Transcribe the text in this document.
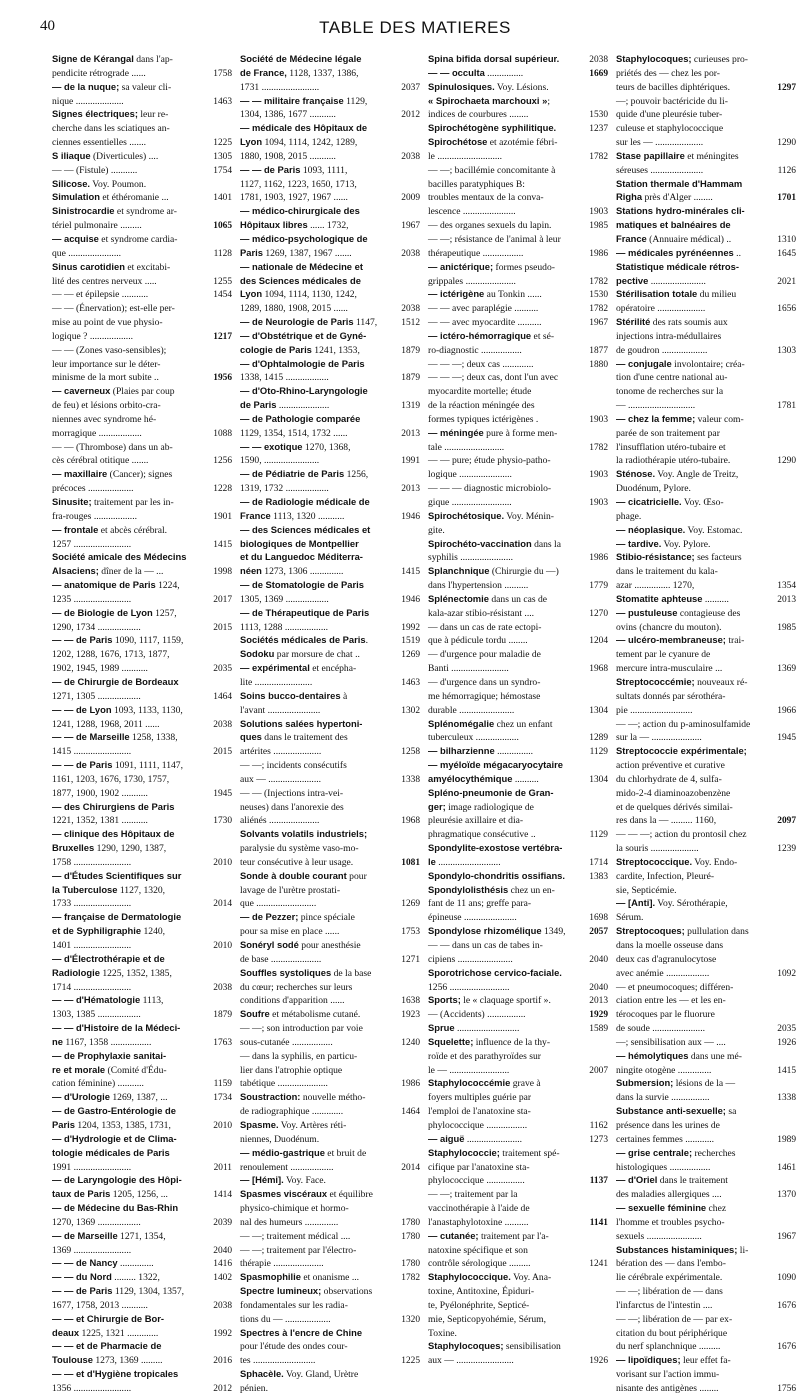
40	TABLE DES MATIERES
Signe de Kérangal dans l'ap-
pendicite rétrograde ......	1758
— de la nuque; sa valeur cli-
nique ....................	1463
Signes électriques; leur re-
cherche dans les sciatiques an-
ciennes essentielles .......	1225
S iliaque (Diverticules) ....	1305
— — (Fistule) ...........	1754
Silicose. Voy. Poumon.
Simulation et éthéromanie ...	1401
Sinistrocardie et syndrome ar-
tériel pulmonaire .........	1065
— acquise et syndrome cardia-
que ......................	1128
Sinus carotidien et excitabi-
lité des centres nerveux .....	1255
— — et épilepsie ...........	1454
— — (Énervation); est-elle per-
mise au point de vue physio-
logique ? ..................	1217
— — (Zones vaso-sensibles);
leur importance sur le déter-
minisme de la mort subite ..	1956
— caverneux (Plaies par coup
de feu) et lésions orbito-cra-
niennes avec syndrome hé-
morragique ..................	1088
— — (Thrombose) dans un ab-
cès cérébral otitique .......	1256
— maxillaire (Cancer); signes
précoces ...................	1228
Sinusite; traitement par les in-
fra-rouges ..................	1901
— frontale et abcès cérébral.
1257 ........................	1415
Société amicale des Médecins
Alsaciens; dîner de la — ...	1998
— anatomique de Paris 1224,
1235 ........................	2017
— de Biologie de Lyon 1257,
1290, 1734 ..................	2015
— — de Paris 1090, 1117, 1159,
1202, 1288, 1676, 1713, 1877,
1902, 1945, 1989 ...........	2035
— de Chirurgie de Bordeaux
1271, 1305 ..................	1464
— — de Lyon 1093, 1133, 1130,
1241, 1288, 1968, 2011 ......	2038
— — de Marseille 1258, 1338,
1415 ........................	2015
— — de Paris 1091, 1111, 1147,
1161, 1203, 1676, 1730, 1757,
1877, 1900, 1902 ...........	1945
— des Chirurgiens de Paris
1221, 1352, 1381 ...........	1730
— clinique des Hôpitaux de
Bruxelles 1290, 1290, 1387,
1758 ........................	2010
— d'Études Scientifiques sur
la Tuberculose 1127, 1320,
1733 ........................	2014
— française de Dermatologie
et de Syphiligraphie 1240,
1401 ........................	2010
— d'Électrothérapie et de
Radiologie 1225, 1352, 1385,
1714 ........................	2038
— — d'Hématologie 1113,
1303, 1385 ..................	1879
— — d'Histoire de la Médeci-
ne 1167, 1358 .................	1763
— de Prophylaxie sanitai-
re et morale (Comité d'Édu-
cation féminine) ...........	1159
— d'Urologie 1269, 1387, ...	1734
— de Gastro-Entérologie de
Paris 1204, 1353, 1385, 1731,	2010
— d'Hydrologie et de Clima-
tologie médicales de Paris
1991 ........................	2011
— de Laryngologie des Hôpi-
taux de Paris 1205, 1256, ...	1414
— de Médecine du Bas-Rhin
1270, 1369 ..................	2039
— de Marseille 1271, 1354,
1369 ........................	2040
— — de Nancy ..............	1416
— — du Nord ......... 1322,	1402
— — de Paris 1129, 1304, 1357,
1677, 1758, 2013 ...........	2038
— — et Chirurgie de Bor-
deaux 1225, 1321 .............	1992
— — et de Pharmacie de
Toulouse 1273, 1369 .........	2016
— — et d'Hygiène tropicales
1356 ........................	2012
Société de Médecine légale
de France, 1128, 1337, 1386,
1731 ........................	2037
— — militaire française 1129,
1304, 1386, 1677 ...........	2012
— médicale des Hôpitaux de
Lyon 1094, 1114, 1242, 1289,
1880, 1908, 2015 ...........	2038
— — de Paris 1093, 1111,
1127, 1162, 1223, 1650, 1713,
1781, 1903, 1927, 1967 ......	2009
— médico-chirurgicale des
Hôpitaux libres ...... 1732,	1967
— médico-psychologique de
Paris 1269, 1387, 1967 .......	2038
— nationale de Médecine et
des Sciences médicales de
Lyon 1094, 1114, 1130, 1242,
1289, 1880, 1908, 2015 ......	2038
— de Neurologie de Paris 1147,	1512
— d'Obstétrique et de Gyné-
cologie de Paris 1241, 1353,	1879
— d'Ophtalmologie de Paris
1338, 1415 ..................	1879
— d'Oto-Rhino-Laryngologie
de Paris .....................	1319
— de Pathologie comparée
1129, 1354, 1514, 1732 ......	2013
— — exotique 1270, 1368,
1590, .......................	1991
— de Pédiatrie de Paris 1256,
1319, 1732 ..................	2013
— de Radiologie médicale de
France 1113, 1320 ...........	1946
— des Sciences médicales et
biologiques de Montpellier
et du Languedoc Méditerra-
néen 1273, 1306 ..............	1415
— de Stomatologie de Paris
1305, 1369 ..................	1946
— de Thérapeutique de Paris
1113, 1288 ..................	1992
Sociétés médicales de Paris.	1519
Sodoku par morsure de chat ..	1269
— expérimental et encépha-
lite ........................	1463
Soins bucco-dentaires à
l'avant ......................	1302
Solutions salées hypertoni-
ques dans le traitement des
artérites ....................	1258
— —; incidents consécutifs
aux — ......................	1338
— — (Injections intra-vei-
neuses) dans l'anorexie des
aliénés .....................	1968
Solvants volatils industriels;
paralysie du système vaso-mo-
teur consécutive à leur usage.	1081
Sonde à double courant pour
lavage de l'urètre prostati-
que .........................	1269
— de Pezzer; pince spéciale
pour sa mise en place ......	1753
Sonéryl sodé pour anesthésie
de base .....................	1271
Souffles systoliques de la base
du cœur; recherches sur leurs
conditions d'apparition ......	1638
Soufre et métabolisme cutané.	1923
— —; son introduction par voie
sous-cutanée .................	1240
— dans la syphilis, en particu-
lier dans l'atrophie optique
tabétique .....................	1986
Soustraction: nouvelle métho-
de radiographique .............	1464
Spasme. Voy. Artères réti-
niennes, Duodénum.
— médio-gastrique et bruit de
renoulement ..................	2014
— [Hémi]. Voy. Face.
Spasmes viscéraux et équilibre
physico-chimique et hormo-
nal des humeurs ..............	1780
— —; traitement médical ....	1780
— —; traitement par l'électro-
thérapie .....................	1780
Spasmophilie et onanisme ...	1782
Spectre lumineux; observations
fondamentales sur les radia-
tions du — ...................	1320
Spectres à l'encre de Chine
pour l'étude des ondes cour-
tes ..........................	1225
Sphacèle. Voy. Gland, Urètre
pénien.
Spina bifida dorsal supérieur.	2038
— — occulta ...............	1669
Spinulosiques. Voy. Lésions.
« Spirochaeta marchouxi »;
indices de courbures ........	1530
Spirochétogène syphilitique.	1237
Spirochétose et azotémie fébri-
le ...........................	1782
— —; bacillémie concomitante à
bacilles paratyphiques B:
troubles mentaux de la conva-
lescence ......................	1903
— des organes sexuels du lapin.	1985
— —; résistance de l'animal à leur
thérapeutique .................	1986
— anictérique; formes pseudo-
grippales .....................	1782
— ictérigène au Tonkin ......	1530
— — avec paraplégie ..........	1782
— — avec myocardite ..........	1967
— ictéro-hémorragique et sé-
ro-diagnostic .................	1877
— — —; deux cas .............	1880
— — —; deux cas, dont l'un avec
myocardite mortelle; étude
de la réaction méningée des
formes typiques ictérigènes .	1903
— méningée pure à forme men-
tale .........................	1782
— — pure; étude physio-patho-
logique ......................	1903
— — — diagnostic microbiolo-
gique .........................	1903
Spirochétosique. Voy. Ménin-
gite.
Spirochéto-vaccination dans la
syphilis ......................	1986
Splanchnique (Chirurgie du —)
dans l'hypertension ..........	1779
Splénectomie dans un cas de
kala-azar stibio-résistant ....	1270
— dans un cas de rate ectopi-
que à pédicule tordu ........	1204
— d'urgence pour maladie de
Banti ........................	1968
— d'urgence dans un syndro-
me hémorragique; hémostase
durable .......................	1304
Splénomégalie chez un enfant
tuberculeux ..................	1289
— bilharzienne ...............	1129
— myéloïde mégacaryocytaire
amyélocythémique ..........	1304
Spléno-pneumonie de Gran-
ger; image radiologique de
pleurésie axillaire et dia-
phragmatique consécutive ..	1129
Spondylite-exostose vertébra-
le ..........................	1714
Spondylo-chondritis ossifians.	1383
Spondylolisthésis chez un en-
fant de 11 ans; greffe para-
épineuse ......................	1698
Spondylose rhizomélique 1349,	2057
— — dans un cas de tabes in-
cipiens .......................	2040
Sporotrichose cervico-faciale.
1256 .........................	2040
Sports; le « claquage sportif ».	2013
— (Accidents) ................	1929
Sprue ..........................	1589
Squelette; influence de la thy-
roïde et des parathyroïdes sur
le — .........................	2007
Staphylococcémie grave à
foyers multiples guérie par
l'emploi de l'anatoxine sta-
phylococcique .................	1162
— aiguë .......................	1273
Staphylococcie; traitement spé-
cifique par l'anatoxine sta-
phylococcique ................	1137
— —; traitement par la
vaccinothérapie à l'aide de
l'anastaphylotoxine ..........	1141
— cutanée; traitement par l'a-
natoxine spécifique et son
contrôle sérologique .........	1241
Staphylococcique. Voy. Ana-
toxine, Antitoxine, Épiduri-
te, Pyélonéphrite, Septicé-
mie, Septicopyohémie, Sérum,
Toxine.
Staphylocoques; sensibilisation
aux — ........................	1926
Staphylocoques; curieuses pro-
priétés des — chez les por-
teurs de bacilles diphtériques.	1297
—; pouvoir bactéricide du li-
quide d'une pleurésie tuber-
culeuse et staphylococcique
sur les — ....................	1290
Stase papillaire et méningites
séreuses ......................	1126
Station thermale d'Hammam
Righa près d'Alger ........	1701
Stations hydro-minérales cli-
matiques et balnéaires de
France (Annuaire médical) ..	1310
— médicales pyrénéennes ..	1645
Statistique médicale rétros-
pective .......................	2021
Stérilisation totale du milieu
opératoire ....................	1656
Stérilité des rats soumis aux
injections intra-médullaires
de goudron ...................	1303
— conjugale involontaire; créa-
tion d'une centre national au-
tonome de recherches sur la
— ............................	1781
— chez la femme; valeur com-
parée de son traitement par
l'insufflation utéro-tubaire et
la radiothérapie utéro-tubaire.	1290
Sténose. Voy. Angle de Treitz,
Duodénum, Pylore.
— cicatricielle. Voy. Œso-
phage.
— néoplasique. Voy. Estomac.
— tardive. Voy. Pylore.
Stibio-résistance; ses facteurs
dans le traitement du kala-
azar ............... 1270,	1354
Stomatite aphteuse ..........	2013
— pustuleuse contagieuse des
ovins (chancre du mouton).	1985
— ulcéro-membraneuse; trai-
tement par le cyanure de
mercure intra-musculaire ...	1369
Streptococcémie; nouveaux ré-
sultats donnés par sérothéra-
pie ..........................	1966
— —; action du p-aminosulfamide
sur la — .....................	1945
Streptococcie expérimentale;
action préventive et curative
du chlorhydrate de 4, sulfa-
mido-2-4 diaminoazobenzène
et de quelques dérivés similai-
res dans la — ......... 1160,	2097
— — —; action du prontosil chez
la souris ....................	1239
Streptococcique. Voy. Endo-
cardite, Infection, Pleuré-
sie, Septicémie.
— [Anti]. Voy. Sérothérapie,
Sérum.
Streptocoques; pullulation dans
dans la moelle osseuse dans
deux cas d'agranulocytose
avec anémie ..................	1092
— et pneumocoques; différen-
ciation entre les — et les en-
térocoques par le fluorure
de soude ......................	2035
—; sensibilisation aux — ....	1926
— hémolytiques dans une mé-
ningite otogène ..............	1415
Submersion; lésions de la —
dans la survie ................	1338
Substance anti-sexuelle; sa
présence dans les urines de
certaines femmes ............	1989
— grise centrale; recherches
histologiques .................	1461
— d'Oriel dans le traitement
des maladies allergiques ....	1370
— sexuelle féminine chez
l'homme et troubles psycho-
sexuels .......................	1967
Substances histaminiques; li-
bération des — dans l'embo-
lie cérébrale expérimentale.	1090
— —; libération de — dans
l'infarctus de l'intestin ....	1676
— —; libération de — par ex-
citation du bout périphérique
du nerf splanchnique .........	1676
— lipoïdiques; leur effet fa-
vorisant sur l'action immu-
nisante des antigènes ........	1756
